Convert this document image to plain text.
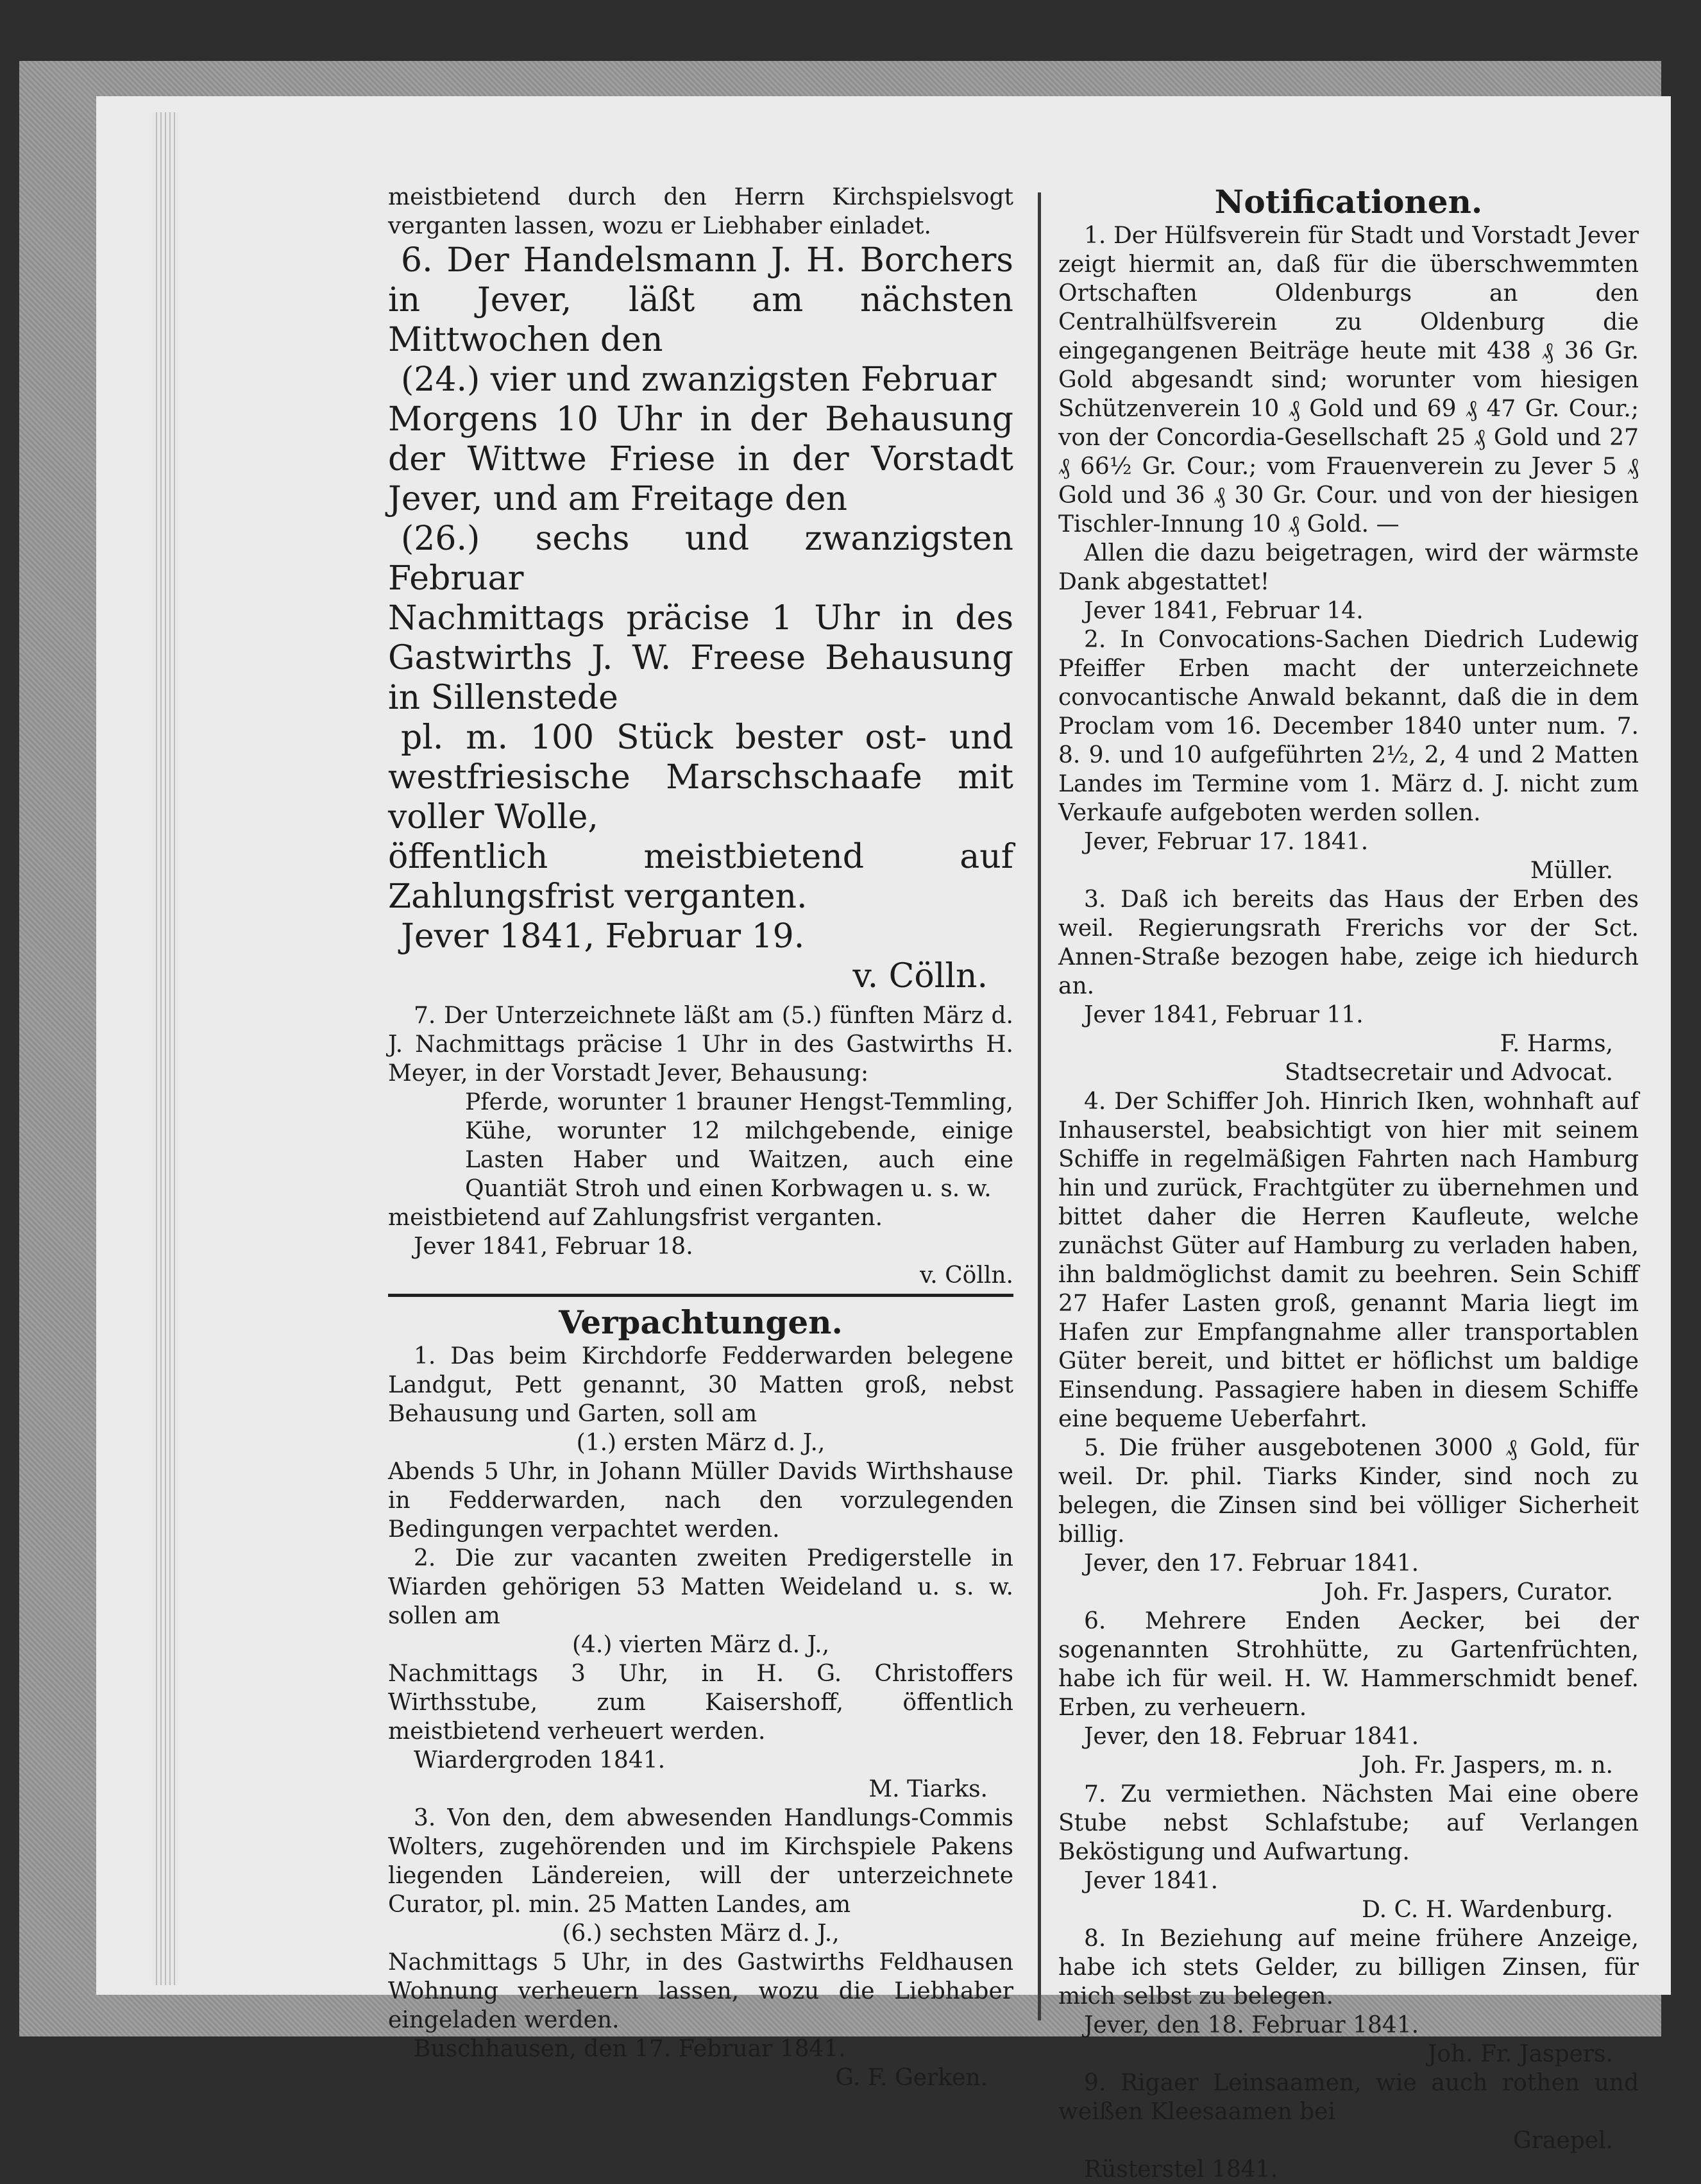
meistbietend durch den Herrn Kirchspielsvogt verganten lassen, wozu er Liebhaber einladet.

6. Der Handelsmann J. H. Borchers in Jever, läßt am nächsten Mittwochen den

(24.) vier und zwanzigsten Februar

Morgens 10 Uhr in der Behausung der Wittwe Friese in der Vorstadt Jever, und am Freitage den

(26.) sechs und zwanzigsten Februar

Nachmittags präcise 1 Uhr in des Gastwirths J. W. Freese Behausung in Sillenstede

pl. m. 100 Stück bester ost- und westfriesische Marschschaafe mit voller Wolle,

öffentlich meistbietend auf Zahlungsfrist verganten.

Jever 1841, Februar 19.

v. Cölln.

7. Der Unterzeichnete läßt am (5.) fünften März d. J. Nachmittags präcise 1 Uhr in des Gastwirths H. Meyer, in der Vorstadt Jever, Behausung:

Pferde, worunter 1 brauner Hengst-Temmling, Kühe, worunter 12 milchgebende, einige Lasten Haber und Waitzen, auch eine Quantiät Stroh und einen Korbwagen u. s. w.

meistbietend auf Zahlungsfrist verganten.

Jever 1841, Februar 18.

v. Cölln.

Verpachtungen.

1. Das beim Kirchdorfe Fedderwarden belegene Landgut, Pett genannt, 30 Matten groß, nebst Behausung und Garten, soll am

(1.) ersten März d. J.,

Abends 5 Uhr, in Johann Müller Davids Wirthshause in Fedderwarden, nach den vorzulegenden Bedingungen verpachtet werden.

2. Die zur vacanten zweiten Predigerstelle in Wiarden gehörigen 53 Matten Weideland u. s. w. sollen am

(4.) vierten März d. J.,

Nachmittags 3 Uhr, in H. G. Christoffers Wirthsstube, zum Kaisershoff, öffentlich meistbietend verheuert werden.

Wiardergroden 1841.

M. Tiarks.

3. Von den, dem abwesenden Handlungs-Commis Wolters, zugehörenden und im Kirchspiele Pakens liegenden Ländereien, will der unterzeichnete Curator, pl. min. 25 Matten Landes, am

(6.) sechsten März d. J.,

Nachmittags 5 Uhr, in des Gastwirths Feldhausen Wohnung verheuern lassen, wozu die Liebhaber eingeladen werden.

Buschhausen, den 17. Februar 1841.

G. F. Gerken.

Notificationen.

1. Der Hülfsverein für Stadt und Vorstadt Jever zeigt hiermit an, daß für die überschwemmten Ortschaften Oldenburgs an den Centralhülfsverein zu Oldenburg die eingegangenen Beiträge heute mit 438 ₰ 36 Gr. Gold abgesandt sind; worunter vom hiesigen Schützenverein 10 ₰ Gold und 69 ₰ 47 Gr. Cour.; von der Concordia-Gesellschaft 25 ₰ Gold und 27 ₰ 66½ Gr. Cour.; vom Frauenverein zu Jever 5 ₰ Gold und 36 ₰ 30 Gr. Cour. und von der hiesigen Tischler-Innung 10 ₰ Gold. —

Allen die dazu beigetragen, wird der wärmste Dank abgestattet!

Jever 1841, Februar 14.

2. In Convocations-Sachen Diedrich Ludewig Pfeiffer Erben macht der unterzeichnete convocantische Anwald bekannt, daß die in dem Proclam vom 16. December 1840 unter num. 7. 8. 9. und 10 aufgeführten 2½, 2, 4 und 2 Matten Landes im Termine vom 1. März d. J. nicht zum Verkaufe aufgeboten werden sollen.

Jever, Februar 17. 1841.

Müller.

3. Daß ich bereits das Haus der Erben des weil. Regierungsrath Frerichs vor der Sct. Annen-Straße bezogen habe, zeige ich hiedurch an.

Jever 1841, Februar 11.

F. Harms,

Stadtsecretair und Advocat.

4. Der Schiffer Joh. Hinrich Iken, wohnhaft auf Inhauserstel, beabsichtigt von hier mit seinem Schiffe in regelmäßigen Fahrten nach Hamburg hin und zurück, Frachtgüter zu übernehmen und bittet daher die Herren Kaufleute, welche zunächst Güter auf Hamburg zu verladen haben, ihn baldmöglichst damit zu beehren. Sein Schiff 27 Hafer Lasten groß, genannt Maria liegt im Hafen zur Empfangnahme aller transportablen Güter bereit, und bittet er höflichst um baldige Einsendung. Passagiere haben in diesem Schiffe eine bequeme Ueberfahrt.

5. Die früher ausgebotenen 3000 ₰ Gold, für weil. Dr. phil. Tiarks Kinder, sind noch zu belegen, die Zinsen sind bei völliger Sicherheit billig.

Jever, den 17. Februar 1841.

Joh. Fr. Jaspers, Curator.

6. Mehrere Enden Aecker, bei der sogenannten Strohhütte, zu Gartenfrüchten, habe ich für weil. H. W. Hammerschmidt benef. Erben, zu verheuern.

Jever, den 18. Februar 1841.

Joh. Fr. Jaspers, m. n.

7. Zu vermiethen. Nächsten Mai eine obere Stube nebst Schlafstube; auf Verlangen Beköstigung und Aufwartung.

Jever 1841.

D. C. H. Wardenburg.

8. In Beziehung auf meine frühere Anzeige, habe ich stets Gelder, zu billigen Zinsen, für mich selbst zu belegen.

Jever, den 18. Februar 1841.

Joh. Fr. Jaspers.

9. Rigaer Leinsaamen, wie auch rothen und weißen Kleesaamen bei

Graepel.

Rüsterstel 1841.
